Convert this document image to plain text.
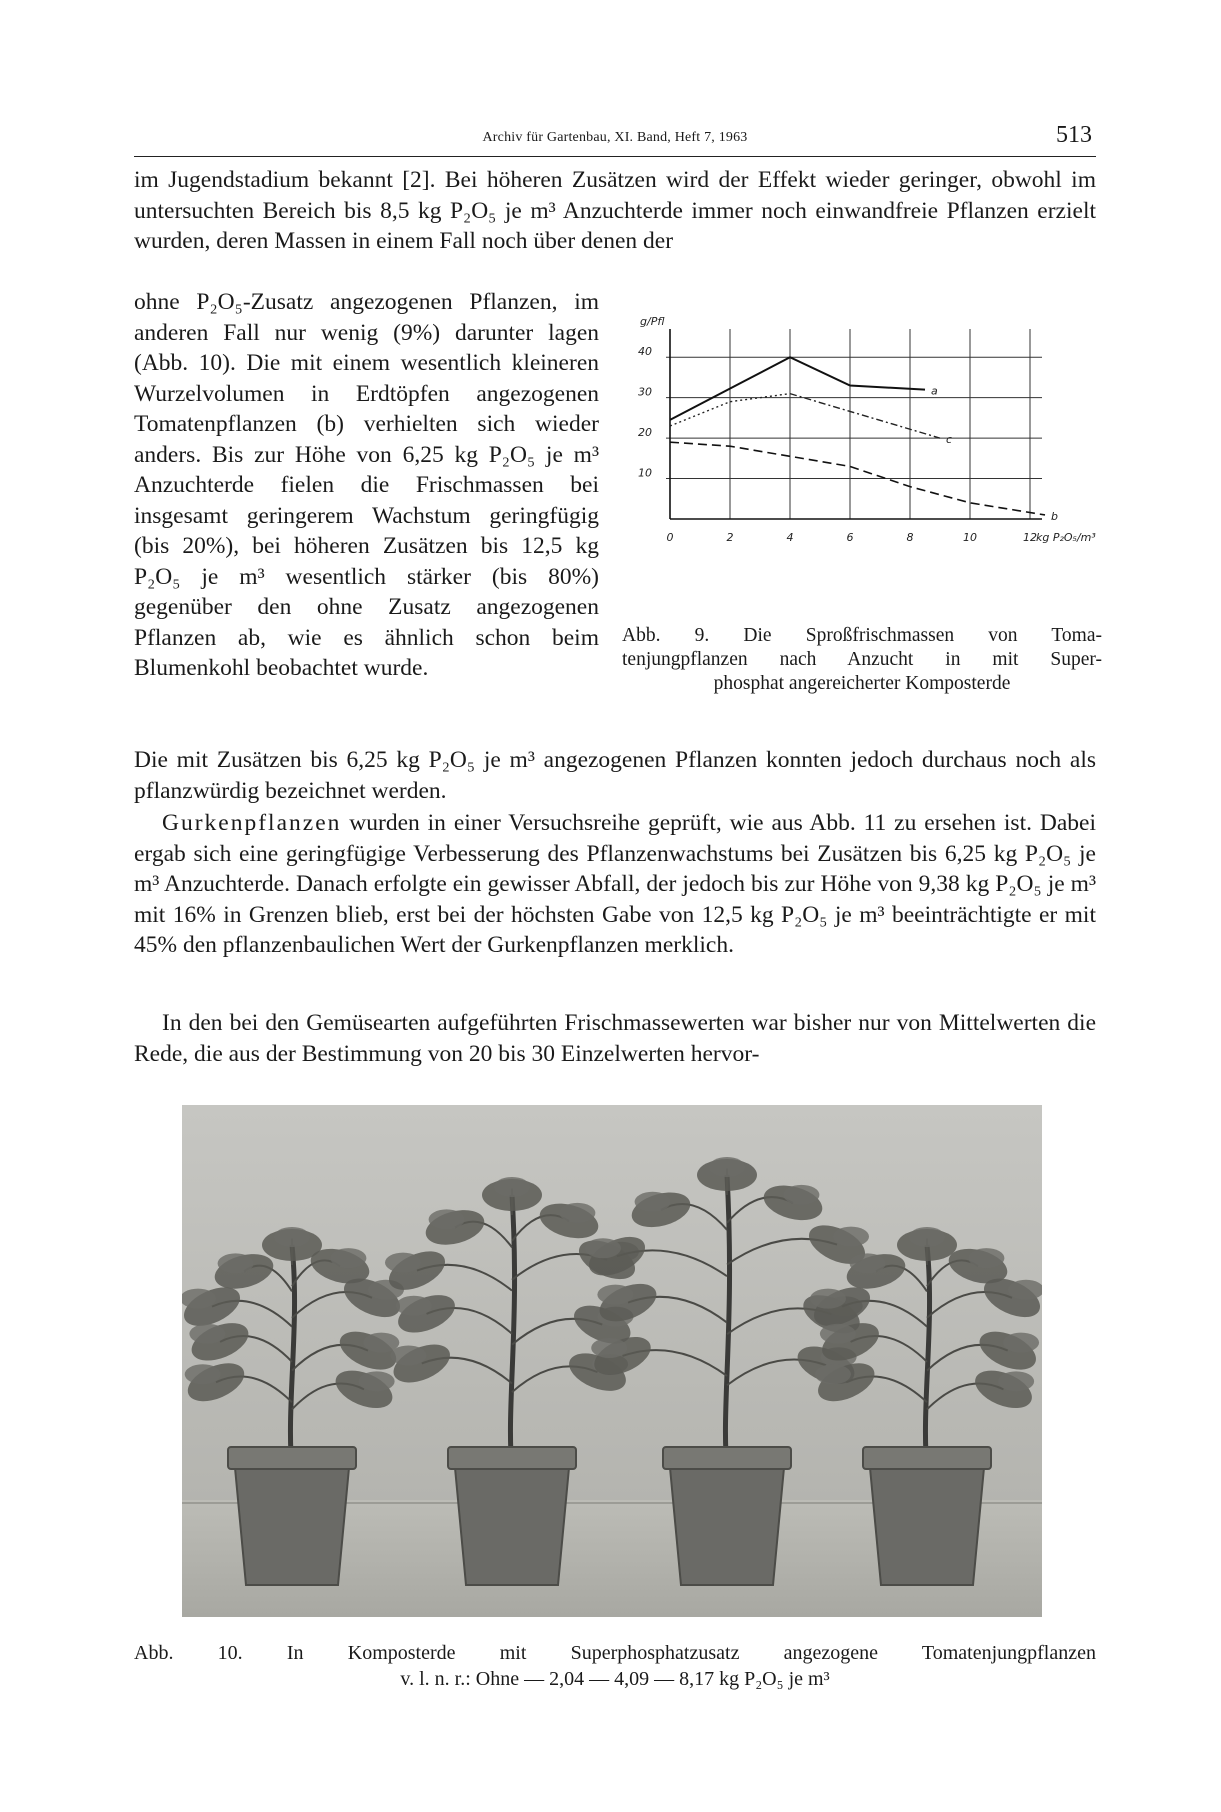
Archiv für Gartenbau, XI. Band, Heft 7, 1963	513

im Jugendstadium bekannt [2]. Bei höheren Zusätzen wird der Effekt wieder geringer, obwohl im untersuchten Bereich bis 8,5 kg P₂O₅ je m³ Anzuchterde immer noch einwandfreie Pflanzen erzielt wurden, deren Massen in einem Fall noch über denen der

ohne P₂O₅-Zusatz angezogenen Pflanzen, im anderen Fall nur wenig (9%) darunter lagen (Abb. 10). Die mit einem wesentlich kleineren Wurzelvolumen in Erdtöpfen angezogenen Tomatenpflanzen (b) verhielten sich wieder anders. Bis zur Höhe von 6,25 kg P₂O₅ je m³ Anzuchterde fielen die Frischmassen bei insgesamt geringerem Wachstum geringfügig (bis 20%), bei höheren Zusätzen bis 12,5 kg P₂O₅ je m³ wesentlich stärker (bis 80%) gegenüber den ohne Zusatz angezogenen Pflanzen ab, wie es ähnlich schon beim Blumenkohl beobachtet wurde.

0	2	4	6	8	10	12
10
20
30
40
g/Pfl
kg P₂O₅/m³
a
c
b

Abb. 9. Die Sproßfrischmassen von Toma-
tenjungpflanzen nach Anzucht in mit Super-
phosphat angereicherter Komposterde

Die mit Zusätzen bis 6,25 kg P₂O₅ je m³ angezogenen Pflanzen konnten jedoch durchaus noch als pflanzwürdig bezeichnet werden.

Gurkenpflanzen wurden in einer Versuchsreihe geprüft, wie aus Abb. 11 zu ersehen ist. Dabei ergab sich eine geringfügige Verbesserung des Pflanzenwachstums bei Zusätzen bis 6,25 kg P₂O₅ je m³ Anzuchterde. Danach erfolgte ein gewisser Abfall, der jedoch bis zur Höhe von 9,38 kg P₂O₅ je m³ mit 16% in Grenzen blieb, erst bei der höchsten Gabe von 12,5 kg P₂O₅ je m³ beeinträchtigte er mit 45% den pflanzenbaulichen Wert der Gurkenpflanzen merklich.

In den bei den Gemüsearten aufgeführten Frischmassewerten war bisher nur von Mittelwerten die Rede, die aus der Bestimmung von 20 bis 30 Einzelwerten hervor-

Abb. 10. In Komposterde mit Superphosphatzusatz angezogene Tomatenjungpflanzen
v. l. n. r.: Ohne — 2,04 — 4,09 — 8,17 kg P₂O₅ je m³
